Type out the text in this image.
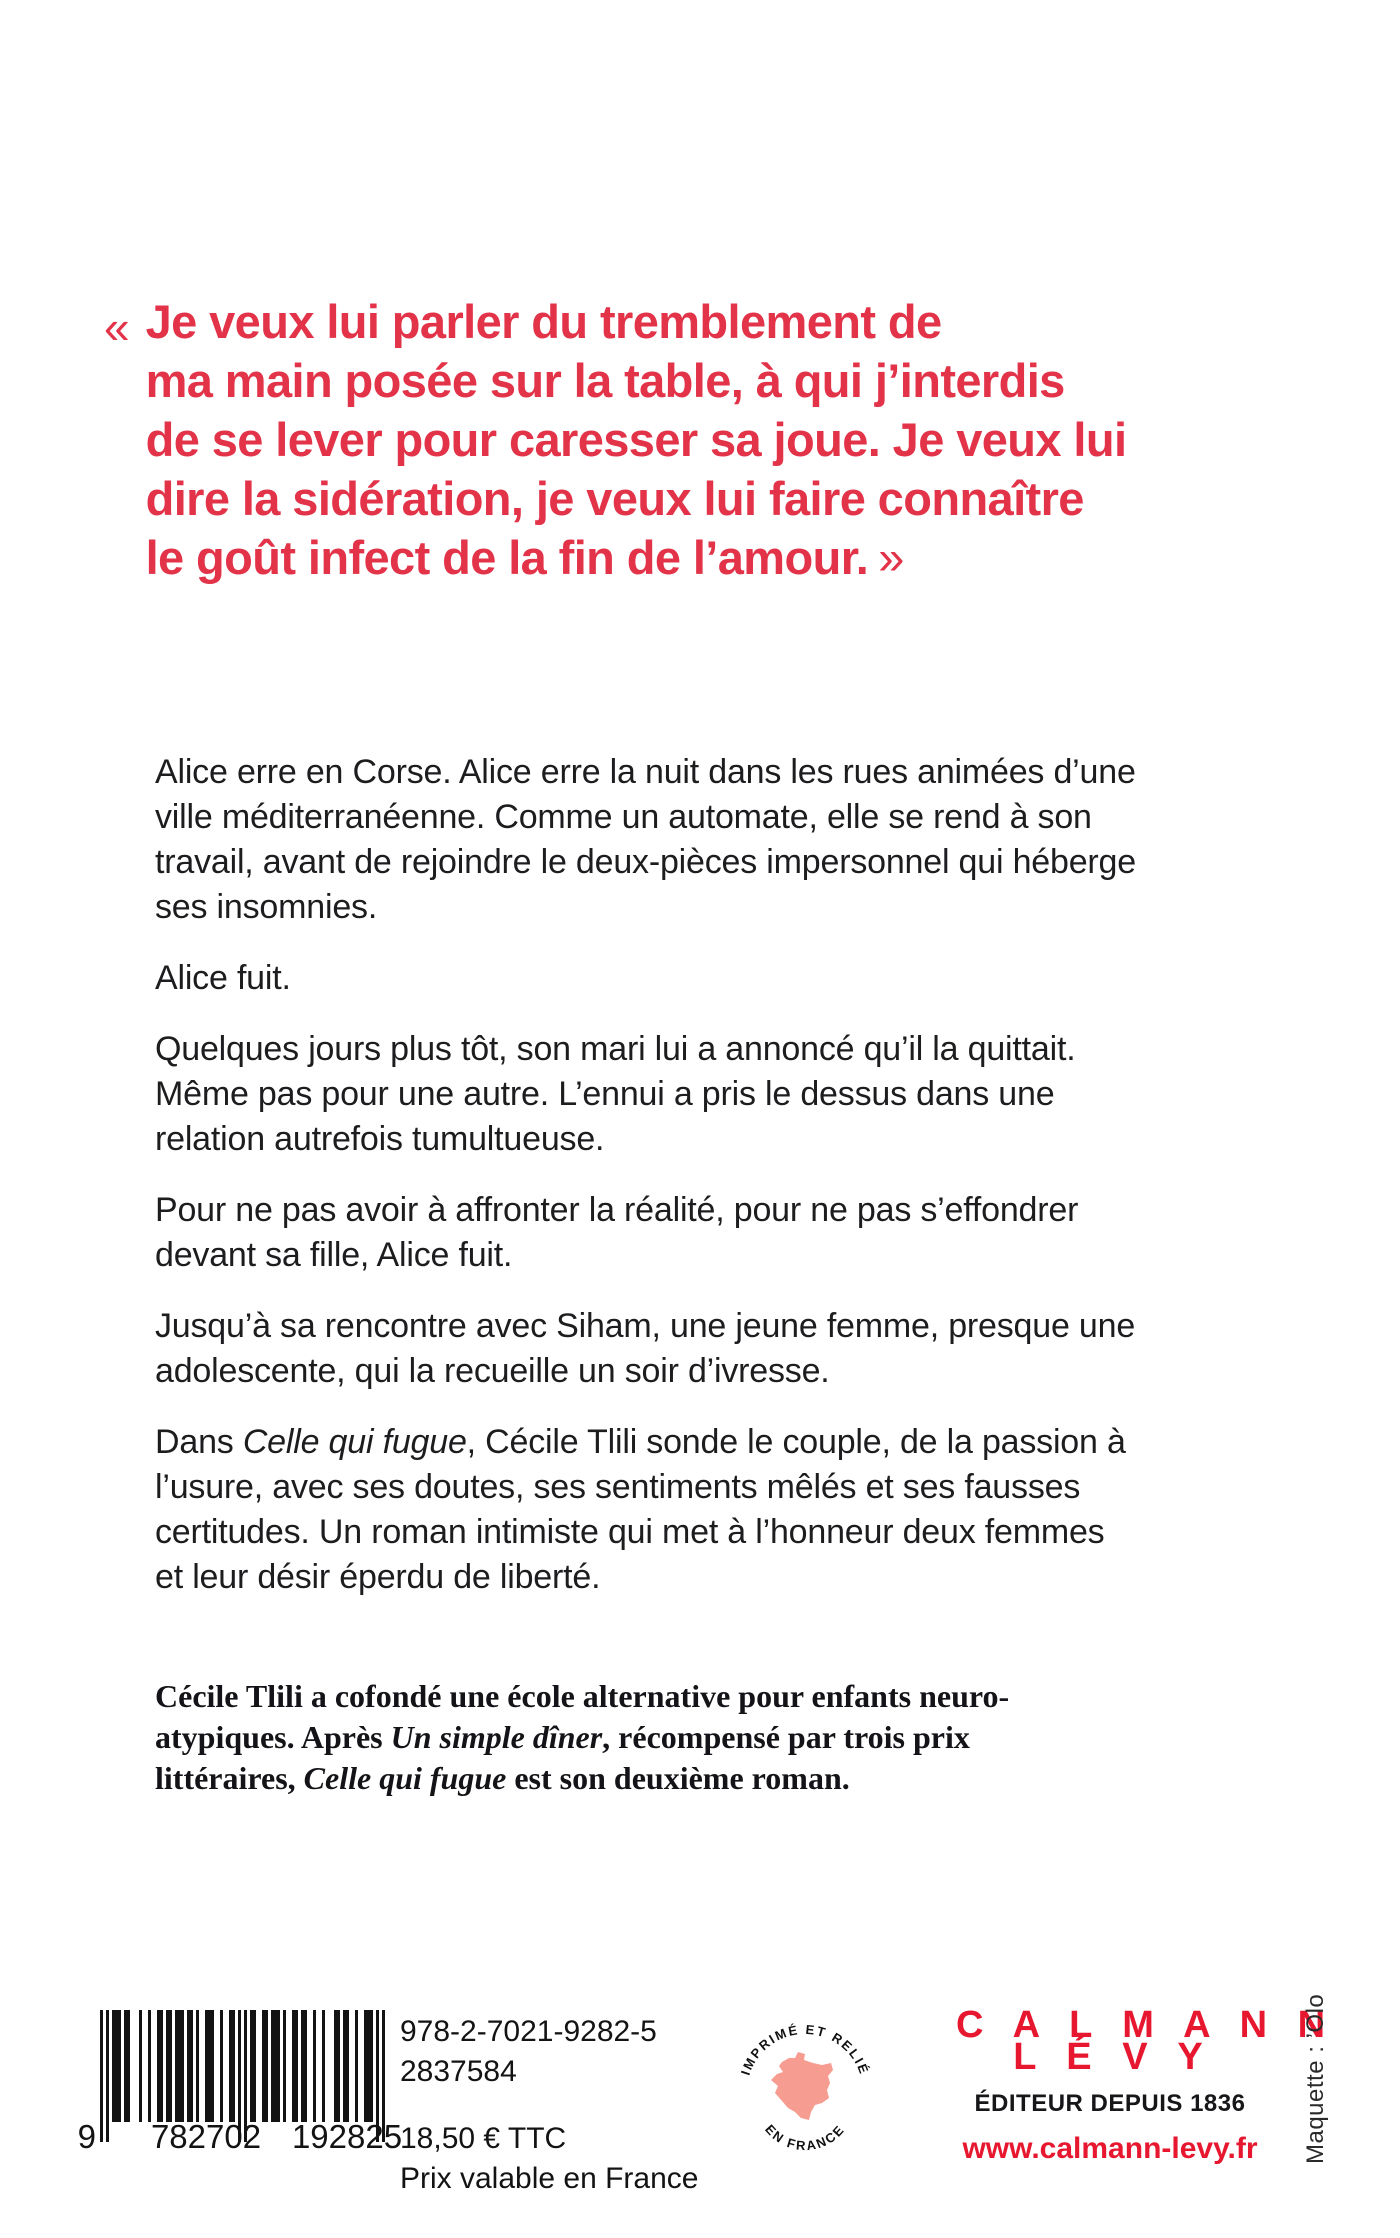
« Je veux lui parler du tremblement de
ma main posée sur la table, à qui j’interdis
de se lever pour caresser sa joue. Je veux lui
dire la sidération, je veux lui faire connaître
le goût infect de la fin de l’amour. »

Alice erre en Corse. Alice erre la nuit dans les rues animées d’une ville méditerranéenne. Comme un automate, elle se rend à son travail, avant de rejoindre le deux-pièces impersonnel qui héberge ses insomnies.

Alice fuit.

Quelques jours plus tôt, son mari lui a annoncé qu’il la quittait. Même pas pour une autre. L’ennui a pris le dessus dans une relation autrefois tumultueuse.

Pour ne pas avoir à affronter la réalité, pour ne pas s’effondrer devant sa fille, Alice fuit.

Jusqu’à sa rencontre avec Siham, une jeune femme, presque une adolescente, qui la recueille un soir d’ivresse.

Dans Celle qui fugue, Cécile Tlili sonde le couple, de la passion à l’usure, avec ses doutes, ses sentiments mêlés et ses fausses certitudes. Un roman intimiste qui met à l’honneur deux femmes et leur désir éperdu de liberté.

Cécile Tlili a cofondé une école alternative pour enfants neuro-atypiques. Après Un simple dîner, récompensé par trois prix littéraires, Celle qui fugue est son deuxième roman.

9 782702 192825
978-2-7021-9282-5
2837584
18,50 € TTC
Prix valable en France
IMPRIMÉ ET RELIÉ
EN FRANCE
C A L M A N N
L É V Y
ÉDITEUR DEPUIS 1836
www.calmann-levy.fr	Maquette : ’Olo
